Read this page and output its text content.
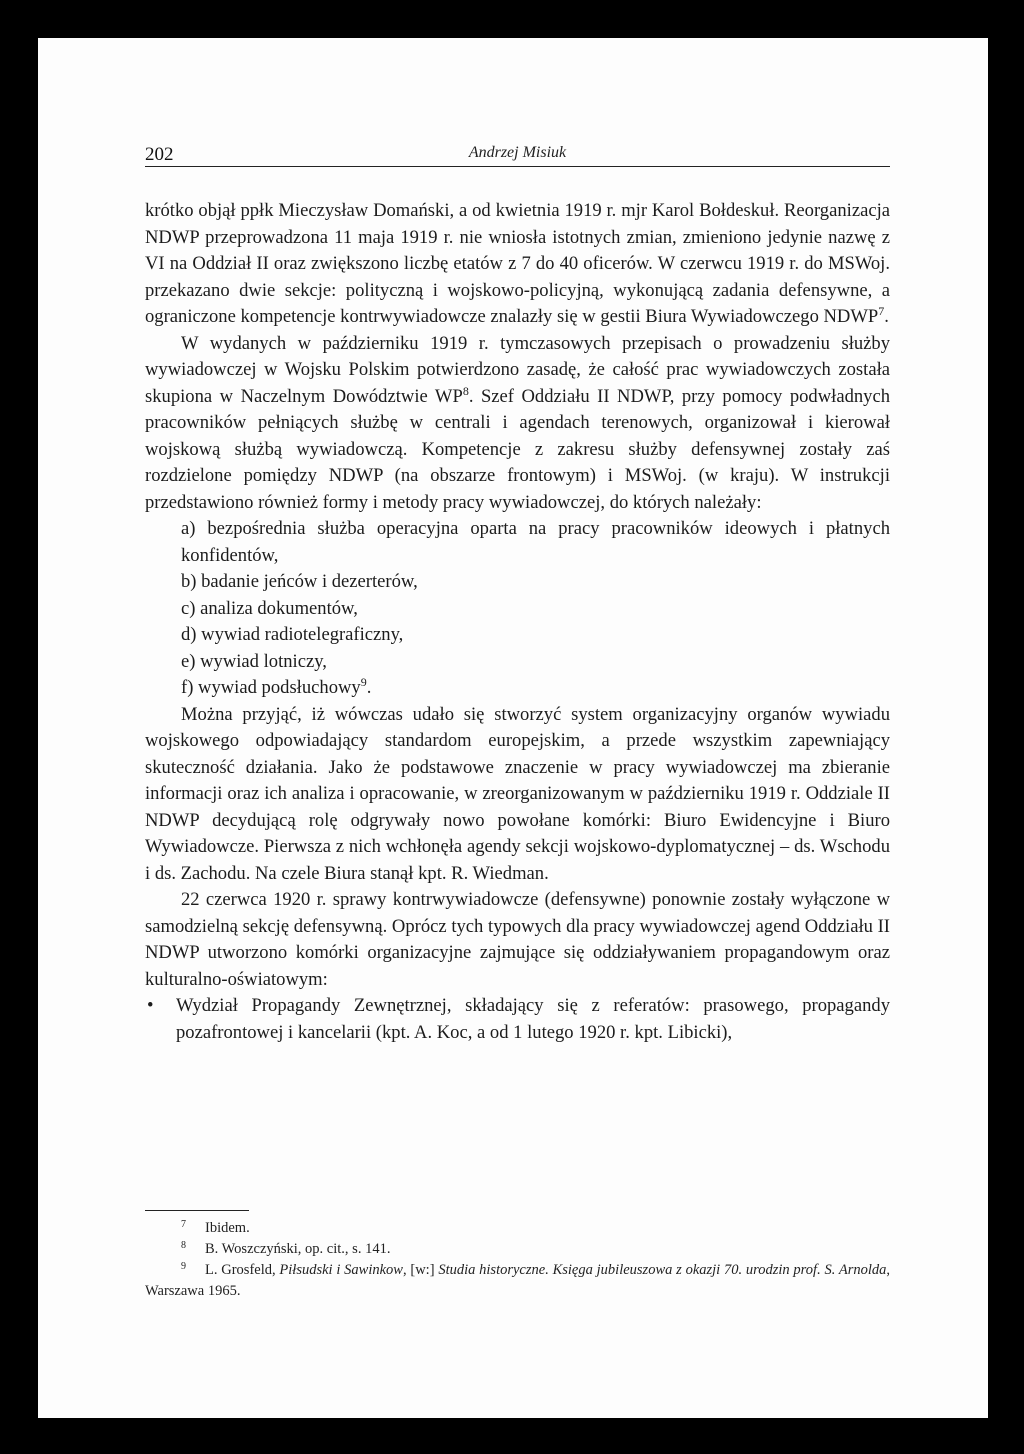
202	Andrzej Misiuk

krótko objął ppłk Mieczysław Domański, a od kwietnia 1919 r. mjr Karol Bołdeskuł. Reorganizacja NDWP przeprowadzona 11 maja 1919 r. nie wniosła istotnych zmian, zmieniono jedynie nazwę z VI na Oddział II oraz zwiększono liczbę etatów z 7 do 40 oficerów. W czerwcu 1919 r. do MSWoj. przekazano dwie sekcje: polityczną i wojskowo-policyjną, wykonującą zadania defensywne, a ograniczone kompetencje kontrwywiadowcze znalazły się w gestii Biura Wywiadowczego NDWP$^7$.

W wydanych w październiku 1919 r. tymczasowych przepisach o prowadzeniu służby wywiadowczej w Wojsku Polskim potwierdzono zasadę, że całość prac wywiadowczych została skupiona w Naczelnym Dowództwie $WP^8$. Szef Oddziału II NDWP, przy pomocy podwładnych pracowników pełniących służbę w centrali i agendach terenowych, organizował i kierował wojskową służbą wywiadowczą. Kompetencje z zakresu służby defensywnej zostały zaś rozdzielone pomiędzy NDWP (na obszarze frontowym) i MSWoj. (w kraju). W instrukcji przedstawiono również formy i metody pracy wywiadowczej, do których należały:

a) bezpośrednia służba operacyjna oparta na pracy pracowników ideowych i płatnych konfidentów,

b) badanie jeńców i dezerterów,

c) analiza dokumentów,

d) wywiad radiotelegraficzny,

e) wywiad lotniczy,

f) wywiad podsłuchowy$^9$.

Można przyjąć, iż wówczas udało się stworzyć system organizacyjny organów wywiadu wojskowego odpowiadający standardom europejskim, a przede wszystkim zapewniający skuteczność działania. Jako że podstawowe znaczenie w pracy wywiadowczej ma zbieranie informacji oraz ich analiza i opracowanie, w zreorganizowanym w październiku 1919 r. Oddziale II NDWP decydującą rolę odgrywały nowo powołane komórki: Biuro Ewidencyjne i Biuro Wywiadowcze. Pierwsza z nich wchłonęła agendy sekcji wojskowo-dyplomatycznej – ds. Wschodu i ds. Zachodu. Na czele Biura stanął kpt. R. Wiedman.

22 czerwca 1920 r. sprawy kontrwywiadowcze (defensywne) ponownie zostały wyłączone w samodzielną sekcję defensywną. Oprócz tych typowych dla pracy wywiadowczej agend Oddziału II NDWP utworzono komórki organizacyjne zajmujące się oddziaływaniem propagandowym oraz kulturalno-oświatowym:

• Wydział Propagandy Zewnętrznej, składający się z referatów: prasowego, propagandy pozafrontowej i kancelarii (kpt. A. Koc, a od 1 lutego 1920 r. kpt. Libicki),

$^7$ Ibidem.

$^8$ B. Woszczyński, op. cit., s. 141.

$^9$ L. Grosfeld, Piłsudski i Sawinkow, [w:] Studia historyczne. Księga jubileuszowa z okazji 70. urodzin prof. S. Arnolda, Warszawa 1965.
